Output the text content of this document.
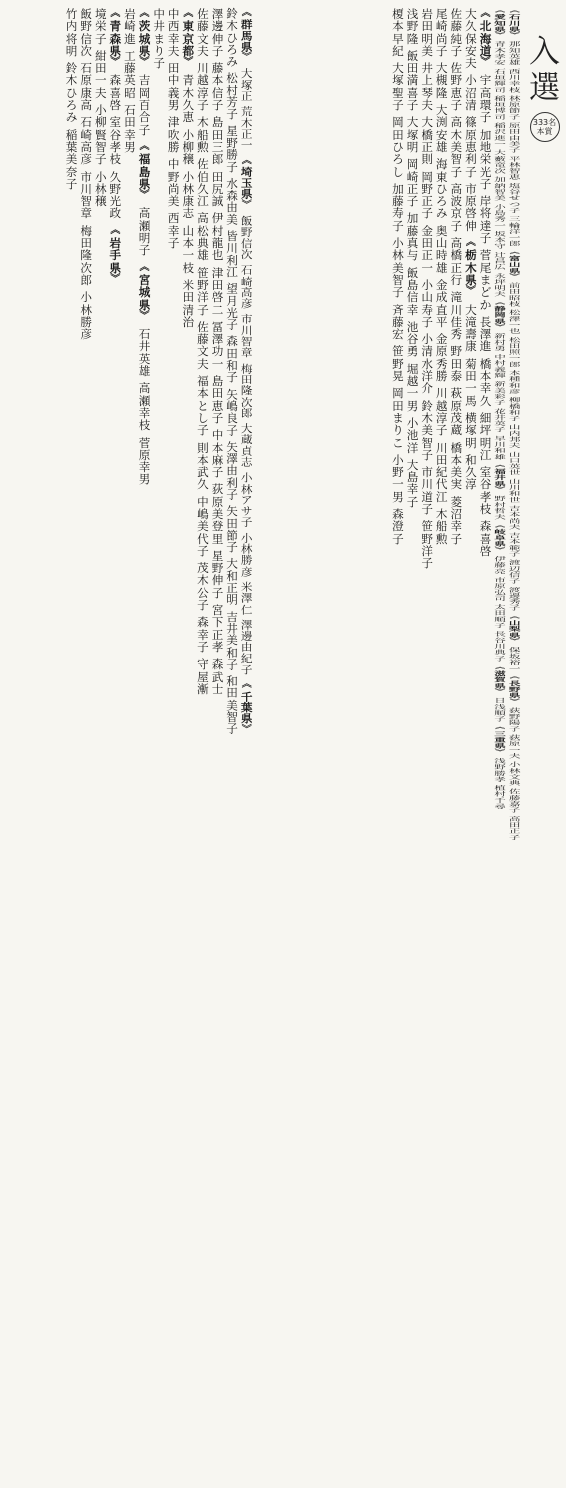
入
選
333名
本賞
︽
石
川
県
︾
那
知
英
雄
西
川
幸
枝
林
原
節
子
原
田
由
美
子
平
林
智
恵
塩
谷
せ
つ
子
三
輪
洋
一
郎
︽
富
山
県
︾
前
田
昭
枝
松
澤
一
也
松
田
照
一
郎
本
種
和
彦
柳
橋
和
子
山
内
邦
夫
山
口
英
世
山
川
和
世
吉
本
尚
夫
吉
本
範
子
渡
辺
信
子
渡
邊
秀
子
︽
山
梨
県
︾
保
坂
裕
一
︽
長
野
県
︾
荻
野
陽
子
荻
原
一
夫
小
林
文
典
佐
藤
嘉
子
高
田
正
子
︽
愛
知
県
︾
青
木
孝
安
石
垣
輝
司
稲
垣
博
司
稲
沢
進
一
大
藪
竜
次
加
納
智
美
小
島
秀
一
坂
本
守
辻
昌
広
永
坪
明
夫
︽
静
岡
県
︾
新
村
勇
中
村
義
輝
新
美
彩
子
花
井
英
子
早
川
和
雄
︽
福
井
県
︾
野
村
哲
夫
︽
岐
阜
県
︾
伊
藤
亮
市
原
弘
司
太
田
順
子
長
谷
川
典
子
︽
滋
賀
県
︾
日
浅
順
子
︽
三
重
県
︾
浅
野
勝
孝
植
村
千
尋
︽
北
海
道
︾
宇
高
環
子
加
地
栄
光
子
岸
将
達
子
菅
尾
ま
ど
か
長
澤
進
橋
本
幸
久
細
坪
明
江
室
谷
孝
枝
森
喜
啓
大
久
保
安
夫
小
沼
清
篠
原
恵
利
子
市
原
啓
伸
︽
栃
木
県
︾
大
滝
壽
康
菊
田
一
馬
横
塚
明
和
久
淳
佐
藤
純
子
佐
野
恵
子
高
木
美
智
子
高
波
京
子
高
橋
正
行
滝
川
佳
秀
野
田
泰
萩
原
茂
蔵
橋
本
美
実
菱
沼
幸
子
尾
崎
尚
子
大
槻
隆
大
渕
安
雄
海
東
ひ
ろ
み
奥
山
時
雄
金
成
直
平
金
原
秀
勝
川
越
淳
子
川
田
紀
代
江
木
船
勲
岩
田
明
美
井
上
琴
夫
大
橋
正
則
岡
野
正
子
金
田
正
一
小
山
寿
子
小
清
水
洋
介
鈴
木
美
智
子
市
川
道
子
笹
野
洋
子
浅
野
隆
飯
田
満
喜
子
大
塚
明
岡
崎
正
子
加
藤
真
与
飯
島
信
幸
池
谷
勇
堀
越
一
男
小
池
洋
大
島
幸
子
榎
本
早
紀
大
塚
聖
子
岡
田
ひ
ろ
し
加
藤
寿
子
小
林
美
智
子
斉
藤
宏
笹
野
晃
岡
田
ま
り
こ
小
野
一
男
森
澄
子
︽
群
馬
県
︾
大
塚
正
荒
木
正
一
︽
埼
玉
県
︾
飯
野
信
次
石
崎
高
彦
市
川
智
章
梅
田
隆
次
郎
大
蔵
貞
志
小
林
ア
サ
子
小
林
勝
彦
米
澤
仁
澤
邊
由
紀
子
︽
千
葉
県
︾
鈴
木
ひ
ろ
み
松
村
芳
子
星
野
勝
子
水
森
由
美
皆
川
利
江
望
月
光
子
森
田
和
子
矢
嶋
良
子
矢
澤
由
利
子
矢
田
節
子
大
和
正
明
吉
井
美
和
子
和
田
美
智
子
澤
邊
伸
子
藤
本
信
子
島
田
三
郎
田
尻
誠
伊
村
龍
也
津
田
啓
二
冨
澤
功
一
島
田
恵
子
中
本
麻
子
荻
原
美
登
里
星
野
伸
子
宮
下
正
孝
森
武
士
佐
藤
文
夫
川
越
淳
子
木
船
勲
佐
伯
久
江
高
松
典
雄
笹
野
洋
子
佐
藤
文
夫
福
本
と
し
子
則
本
武
久
中
嶋
美
代
子
茂
木
公
子
森
幸
子
守
屋
漸
︽
東
京
都
︾
青
木
久
恵
小
柳
穣
小
林
康
志
山
本
一
枝
米
田
清
治
中
西
幸
夫
田
中
義
男
津
吹
勝
中
野
尚
美
西
幸
子
中
井
ま
り
子
︽
茨
城
県
︾
吉
岡
百
合
子
︽
福
島
県
︾
高
瀬
明
子
︽
宮
城
県
︾
石
井
英
雄
高
瀬
幸
枝
菅
原
幸
男
岩
崎
進
工
藤
英
昭
石
田
幸
男
︽
青
森
県
︾
森
喜
啓
室
谷
孝
枝
久
野
光
政
︽
岩
手
県
︾
境
栄
子
紺
田
一
夫
小
柳
賢
智
子
小
林
穣
飯
野
信
次
石
原
康
高
石
崎
高
彦
市
川
智
章
梅
田
隆
次
郎
小
林
勝
彦
竹
内
将
明
鈴
木
ひ
ろ
み
稲
葉
美
奈
子
